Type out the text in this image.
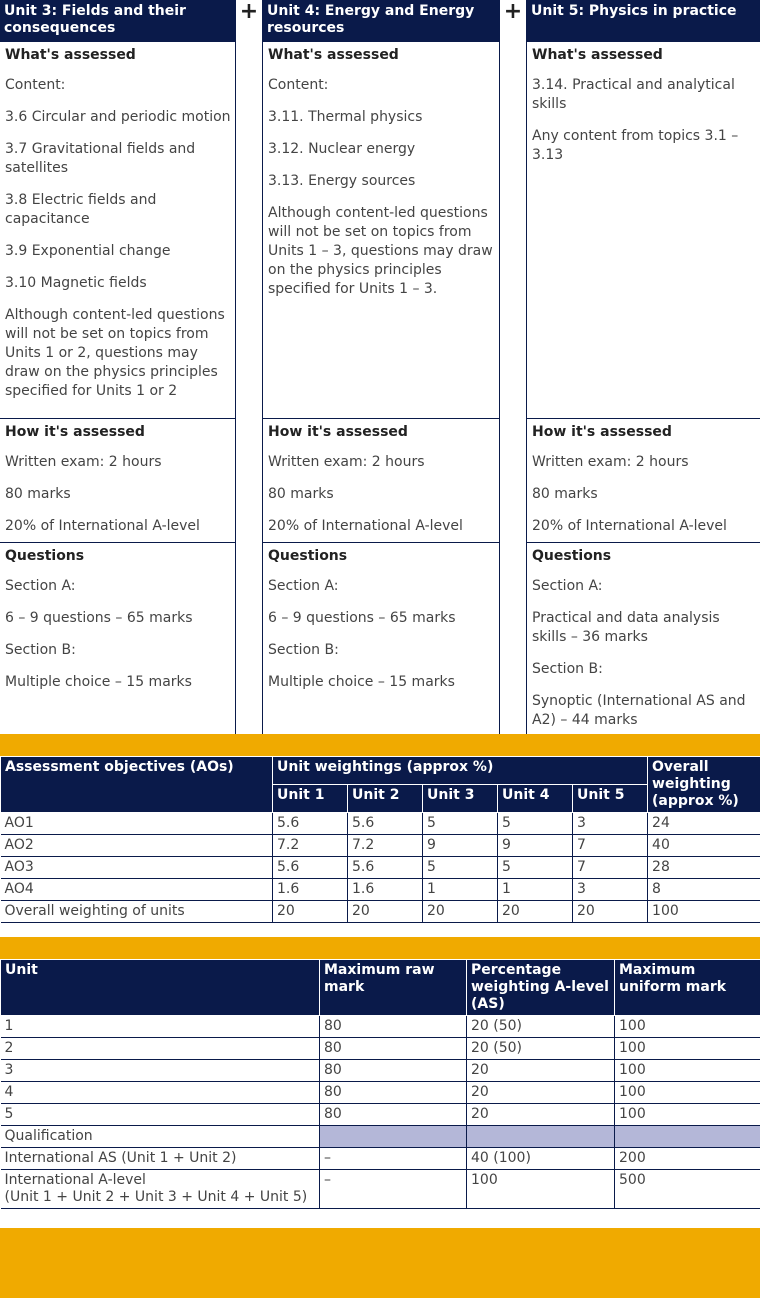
Unit 3: Fields and their consequences
What's assessed

Content:

3.6 Circular and periodic motion

3.7 Gravitational fields and satellites

3.8 Electric fields and capacitance

3.9 Exponential change

3.10 Magnetic fields

Although content-led questions will not be set on topics from Units 1 or 2, questions may draw on the physics principles specified for Units 1 or 2

How it's assessed

Written exam: 2 hours

80 marks

20% of International A-level

Questions

Section A:

6 – 9 questions – 65 marks

Section B:

Multiple choice – 15 marks

+ Unit 4: Energy and Energy resources
What's assessed

Content:

3.11. Thermal physics

3.12. Nuclear energy

3.13. Energy sources

Although content-led questions will not be set on topics from Units 1 – 3, questions may draw on the physics principles specified for Units 1 – 3.

How it's assessed

Written exam: 2 hours

80 marks

20% of International A-level

Questions

Section A:

6 – 9 questions – 65 marks

Section B:

Multiple choice – 15 marks

+ Unit 5: Physics in practice
What's assessed

3.14. Practical and analytical skills

Any content from topics 3.1 – 3.13

How it's assessed

Written exam: 2 hours

80 marks

20% of International A-level

Questions

Section A:

Practical and data analysis skills – 36 marks

Section B:

Synoptic (International AS and A2) – 44 marks

Assessment objectives (AOs)	Unit weightings (approx %)					Overall weighting (approx %)
	Unit 1	Unit 2	Unit 3	Unit 4	Unit 5	
AO1	5.6	5.6	5	5	3	24
AO2	7.2	7.2	9	9	7	40
AO3	5.6	5.6	5	5	7	28
AO4	1.6	1.6	1	1	3	8
Overall weighting of units	20	20	20	20	20	100
Unit	Maximum raw mark	Percentage weighting A-level (AS)	Maximum uniform mark
1	80	20 (50)	100
2	80	20 (50)	100
3	80	20	100
4	80	20	100
5	80	20	100
Qualification			
International AS (Unit 1 + Unit 2)	–	40 (100)	200
International A-level
(Unit 1 + Unit 2 + Unit 3 + Unit 4 + Unit 5)	–	100	500
